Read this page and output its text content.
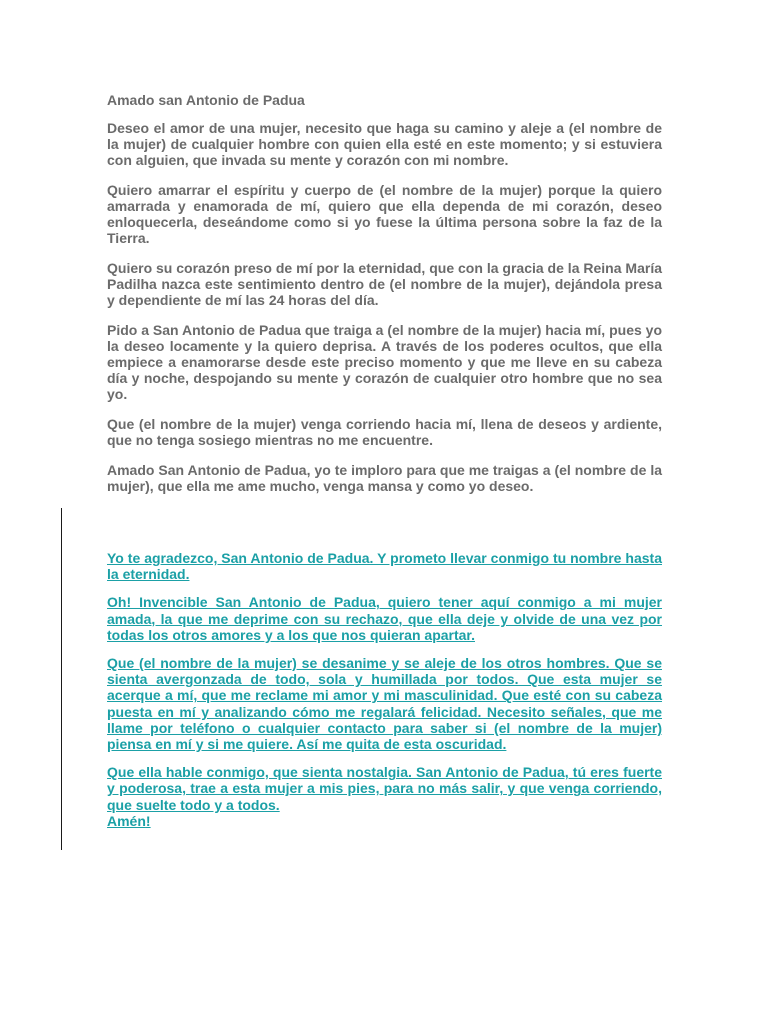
Amado san Antonio de Padua

Deseo el amor de una mujer, necesito que haga su camino y aleje a (el nombre de la mujer) de cualquier hombre con quien ella esté en este momento; y si estuviera con alguien, que invada su mente y corazón con mi nombre.

Quiero amarrar el espíritu y cuerpo de (el nombre de la mujer) porque la quiero amarrada y enamorada de mí, quiero que ella dependa de mi corazón, deseo enloquecerla, deseándome como si yo fuese la última persona sobre la faz de la Tierra.

Quiero su corazón preso de mí por la eternidad, que con la gracia de la Reina María Padilha nazca este sentimiento dentro de (el nombre de la mujer), dejándola presa y dependiente de mí las 24 horas del día.

Pido a San Antonio de Padua que traiga a (el nombre de la mujer) hacia mí, pues yo la deseo locamente y la quiero deprisa. A través de los poderes ocultos, que ella empiece a enamorarse desde este preciso momento y que me lleve en su cabeza día y noche, despojando su mente y corazón de cualquier otro hombre que no sea yo.

Que (el nombre de la mujer) venga corriendo hacia mí, llena de deseos y ardiente, que no tenga sosiego mientras no me encuentre.

Amado San Antonio de Padua, yo te imploro para que me traigas a (el nombre de la mujer), que ella me ame mucho, venga mansa y como yo deseo.

Yo te agradezco, San Antonio de Padua. Y prometo llevar conmigo tu nombre hasta la eternidad.

Oh! Invencible San Antonio de Padua, quiero tener aquí conmigo a mi mujer amada, la que me deprime con su rechazo, que ella deje y olvide de una vez por todas los otros amores y a los que nos quieran apartar.

Que (el nombre de la mujer) se desanime y se aleje de los otros hombres. Que se sienta avergonzada de todo, sola y humillada por todos. Que esta mujer se acerque a mí, que me reclame mi amor y mi masculinidad. Que esté con su cabeza puesta en mí y analizando cómo me regalará felicidad. Necesito señales, que me llame por teléfono o cualquier contacto para saber si (el nombre de la mujer) piensa en mí y si me quiere. Así me quita de esta oscuridad.

Que ella hable conmigo, que sienta nostalgia. San Antonio de Padua, tú eres fuerte y poderosa, trae a esta mujer a mis pies, para no más salir, y que venga corriendo, que suelte todo y a todos.

Amén!
